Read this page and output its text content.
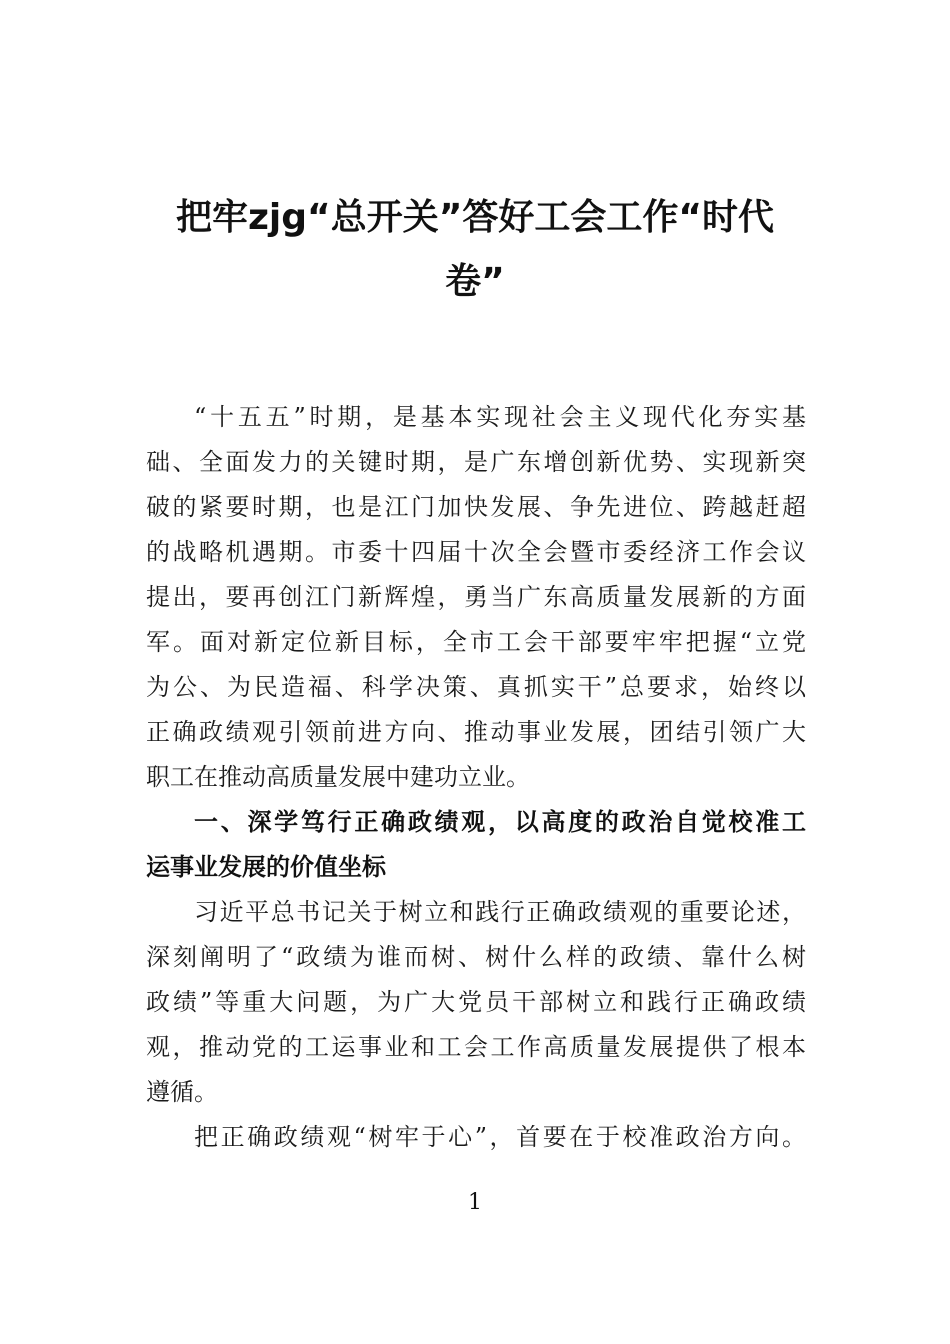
把牢zjg“总开关”答好工会工作“时代
卷”
“十五五”时期，是基本实现社会主义现代化夯实基
础、全面发力的关键时期，是广东增创新优势、实现新突
破的紧要时期，也是江门加快发展、争先进位、跨越赶超
的战略机遇期。市委十四届十次全会暨市委经济工作会议
提出，要再创江门新辉煌，勇当广东高质量发展新的方面
军。面对新定位新目标，全市工会干部要牢牢把握“立党
为公、为民造福、科学决策、真抓实干”总要求，始终以
正确政绩观引领前进方向、推动事业发展，团结引领广大
职工在推动高质量发展中建功立业。
一、深学笃行正确政绩观，以高度的政治自觉校准工
运事业发展的价值坐标
习近平总书记关于树立和践行正确政绩观的重要论述，
深刻阐明了“政绩为谁而树、树什么样的政绩、靠什么树
政绩”等重大问题，为广大党员干部树立和践行正确政绩
观，推动党的工运事业和工会工作高质量发展提供了根本
遵循。
把正确政绩观“树牢于心”，首要在于校准政治方向。
1
